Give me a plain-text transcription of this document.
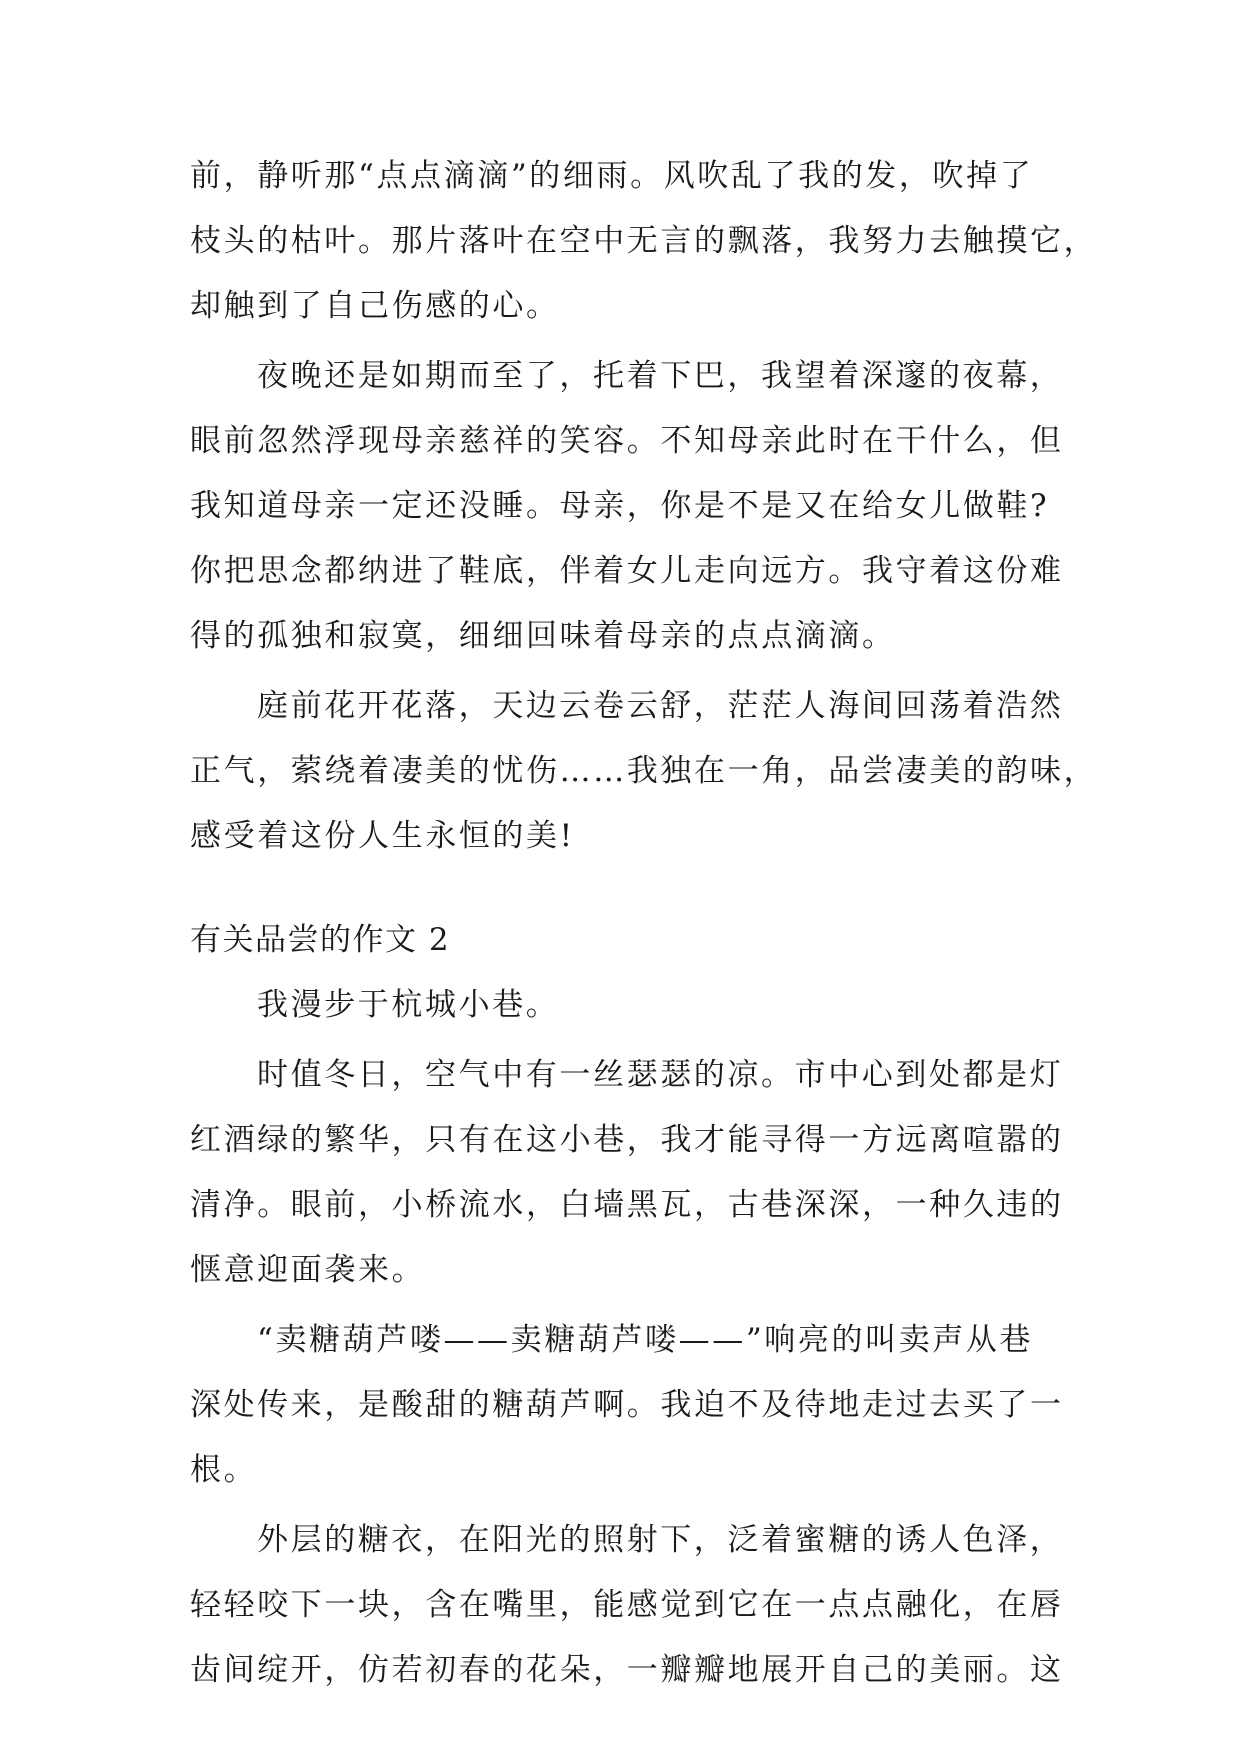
前，静听那“点点滴滴”的细雨。风吹乱了我的发，吹掉了
枝头的枯叶。那片落叶在空中无言的飘落，我努力去触摸它，
却触到了自己伤感的心。
夜晚还是如期而至了，托着下巴，我望着深邃的夜幕，
眼前忽然浮现母亲慈祥的笑容。不知母亲此时在干什么，但
我知道母亲一定还没睡。母亲，你是不是又在给女儿做鞋?
你把思念都纳进了鞋底，伴着女儿走向远方。我守着这份难
得的孤独和寂寞，细细回味着母亲的点点滴滴。
庭前花开花落，天边云卷云舒，茫茫人海间回荡着浩然
正气，萦绕着凄美的忧伤……我独在一角，品尝凄美的韵味，
感受着这份人生永恒的美!
有关品尝的作文 2
我漫步于杭城小巷。
时值冬日，空气中有一丝瑟瑟的凉。市中心到处都是灯
红酒绿的繁华，只有在这小巷，我才能寻得一方远离喧嚣的
清净。眼前，小桥流水，白墙黑瓦，古巷深深，一种久违的
惬意迎面袭来。
“卖糖葫芦喽——卖糖葫芦喽——”响亮的叫卖声从巷
深处传来，是酸甜的糖葫芦啊。我迫不及待地走过去买了一
根。
外层的糖衣，在阳光的照射下，泛着蜜糖的诱人色泽，
轻轻咬下一块，含在嘴里，能感觉到它在一点点融化，在唇
齿间绽开，仿若初春的花朵，一瓣瓣地展开自己的美丽。这
